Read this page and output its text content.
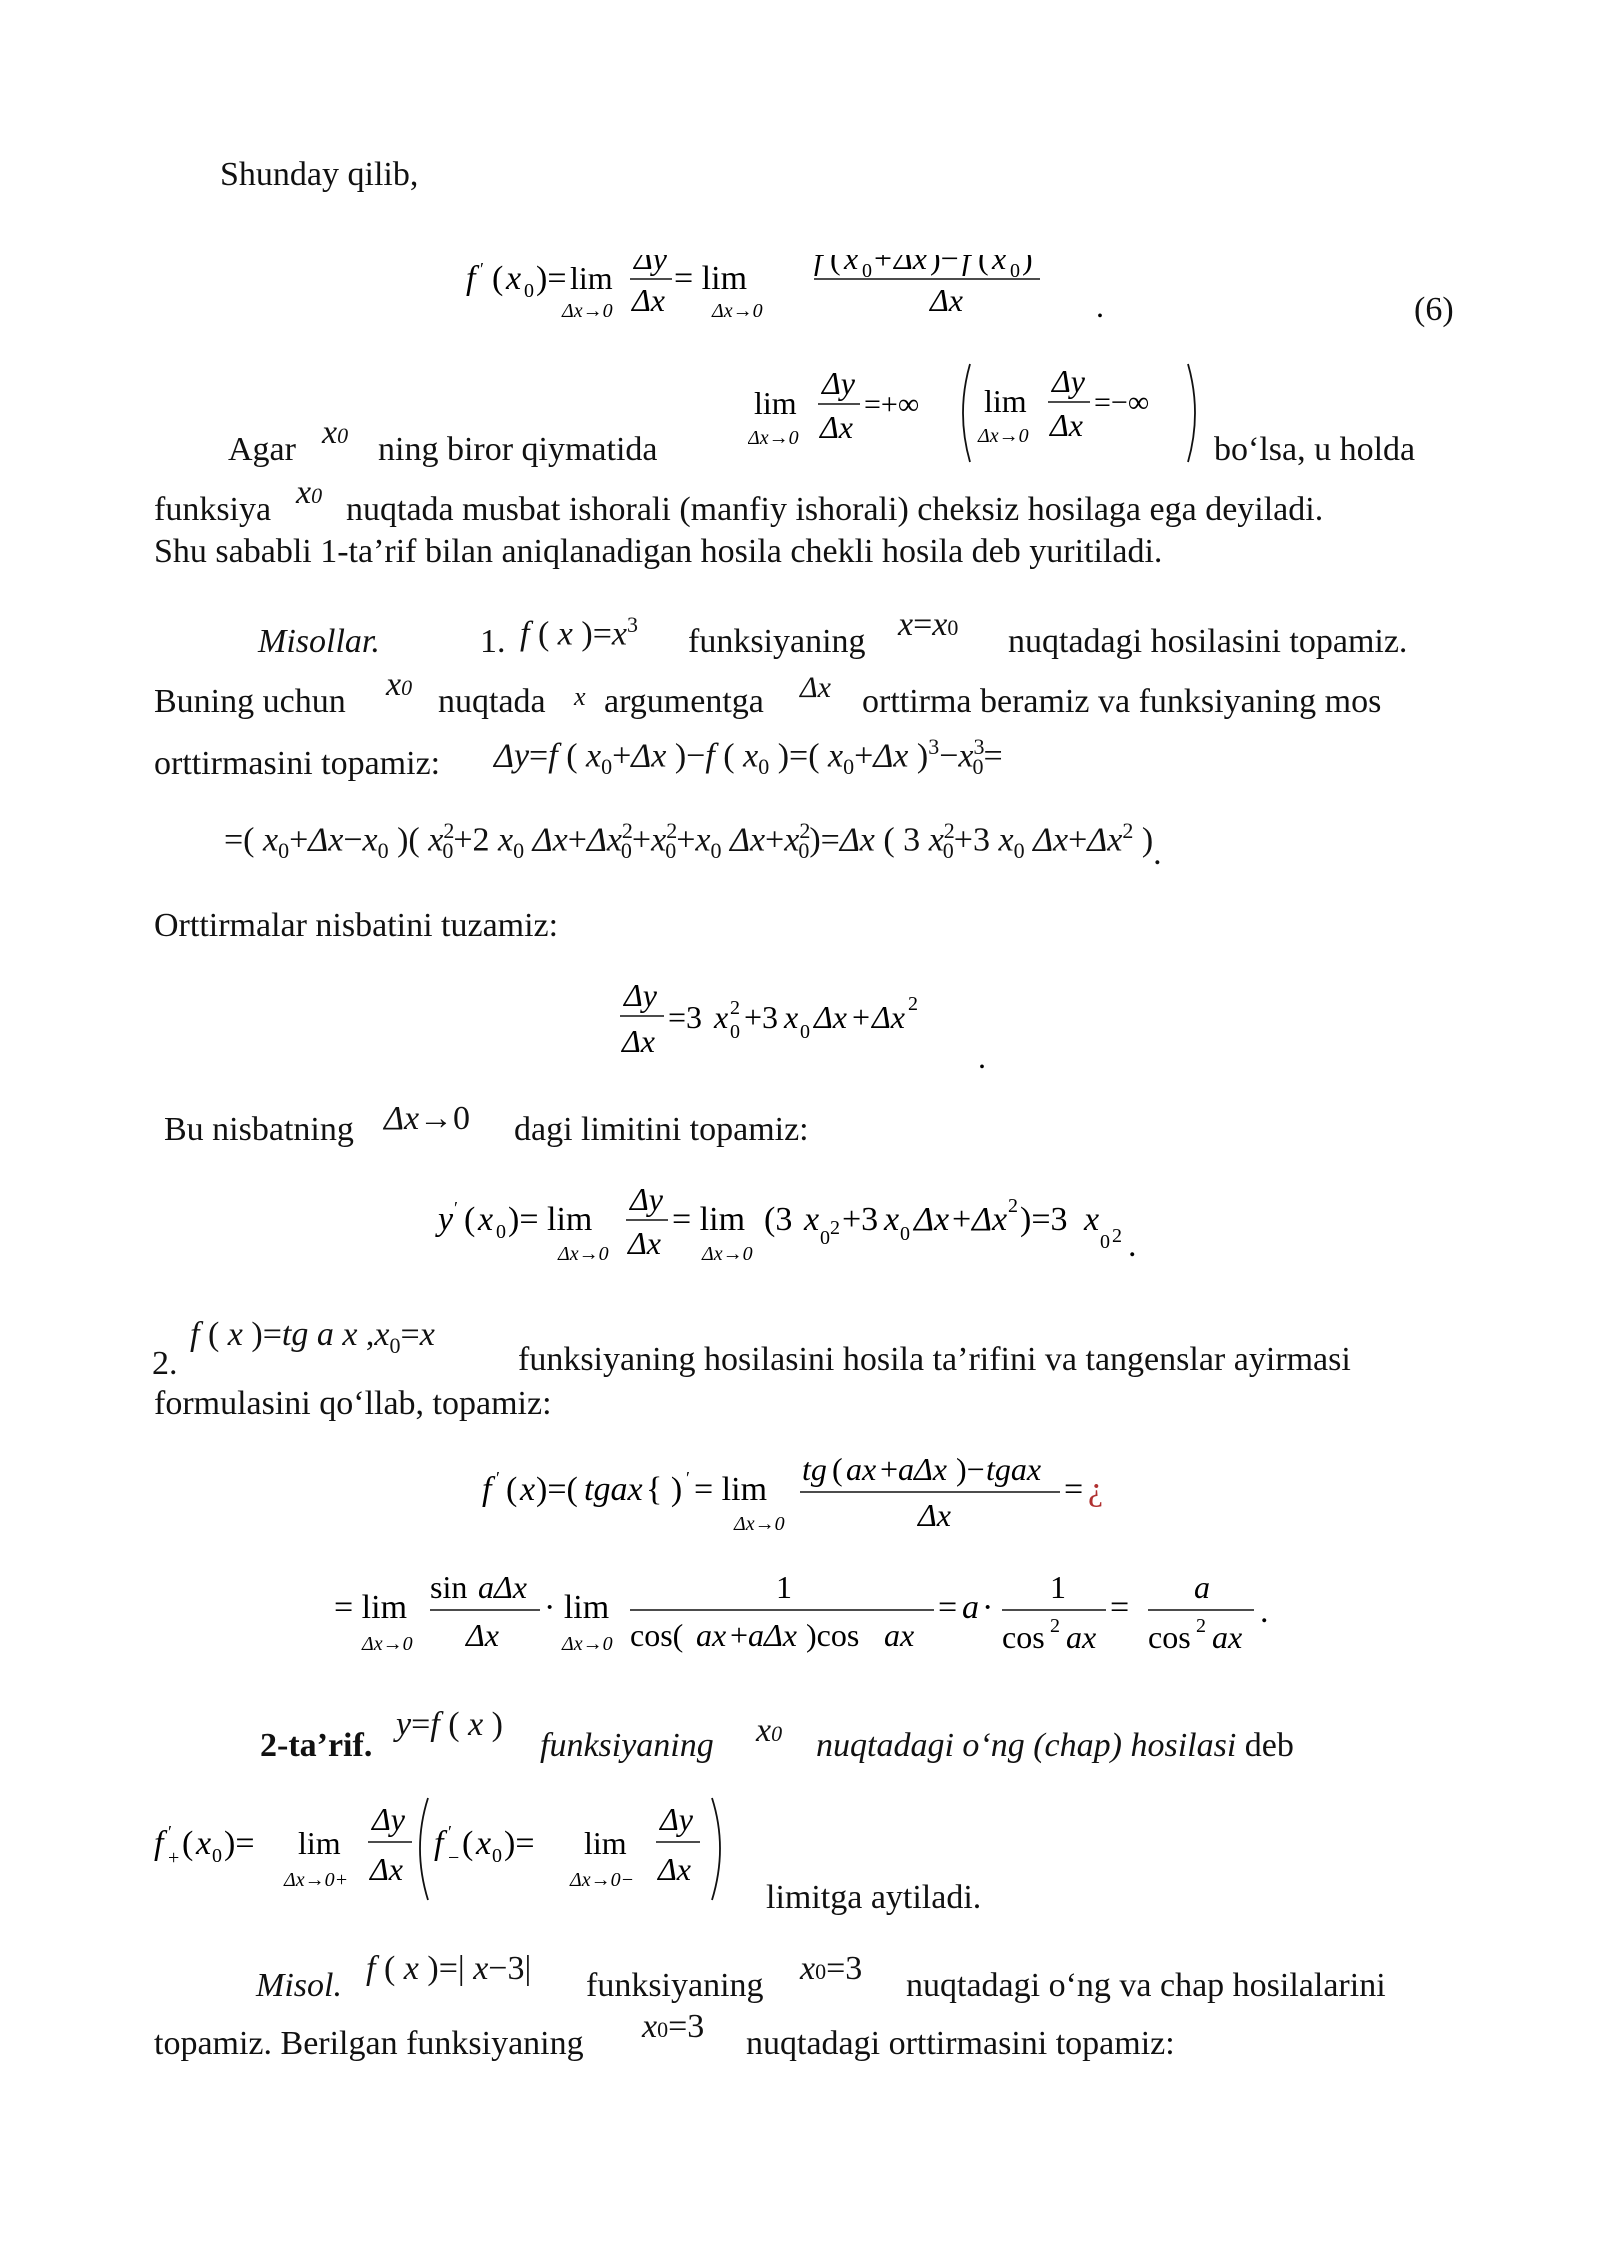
Shunday qilib,
f ′ ( x 0 )= lim
Δx→0
Δy
Δx
= lim
Δx→0
f ( x 0 + Δx )− f ( x 0 )
Δx	.	(6)
Agar x0 ning biror qiymatida
lim
Δx→0
Δy
Δx
=+∞ lim
Δx→0
Δy
Δx
=−∞
bo‘lsa, u holda
funksiya x0 nuqtada musbat ishorali (manfiy ishorali) cheksiz hosilaga ega deyiladi.
Shu sababli 1-ta’rif bilan aniqlanadigan hosila chekli hosila deb yuritiladi.
Misollar.	1. f ( x )$=x^3$ funksiyaning x=x0 nuqtadagi hosilasini topamiz.
Buning uchun x0 nuqtada x argumentga Δx orttirma beramiz va funksiyaning mos
orttirmasini topamiz: Δy=f ( $x_0+\Delta x$ )−f ( $x_0$ )=( $x_0+\Delta x$ )$^3-x^3_0=$
=( $x_0+\Delta x-x_0$ )( $x^2_0+2$ $x_0$ $\Delta x+\Delta x^2_0+x^2_0+x_0$ $\Delta x+x^2_0)=\Delta x$ ( 3 $x^2_0+3$ $x_0$ $\Delta x+\Delta x^2$ ).
Orttirmalar nisbatini tuzamiz:
Δy
Δx
=3 x 2
0 +3 x 0 Δx + Δx 2
.
Bu nisbatning Δx→0 dagi limitini topamiz:
y ′ ( x 0 )= lim
Δx→0
Δy
Δx
= lim
Δx→0
(3 x 0 2 +3 x 0 Δx + Δx 2 )=3 x
0 2 .
2.
f ( x )=tg a x $,x_0=x$
funksiyaning hosilasini hosila ta’rifini va tangenslar ayirmasi
formulasini qo‘llab, topamiz:
f ′ ( x )=( tgax { ) ′ = lim
Δx→0
tg ( ax + aΔx )− tgax
Δx
= ¿
= lim
Δx→0
sin aΔx
Δx
· lim
Δx→0
1
cos( ax + aΔx )cos ax
= a ·
1
cos 2 ax
=
a
cos 2 ax
.
2-ta’rif.
y=f ( x )
funksiyaning x0 nuqtadagi o‘ng (chap) hosilasi deb
f ′
+ ( x 0 )= lim
Δx→0+
Δy
Δx
f ′
− ( x 0 )= lim
Δx→0−
Δy
Δx
limitga aytiladi.
Misol. f ( x )=| x−3| funksiyaning x0=3 nuqtadagi o‘ng va chap hosilalarini
topamiz. Berilgan funksiyaning x0=3 nuqtadagi orttirmasini topamiz:
